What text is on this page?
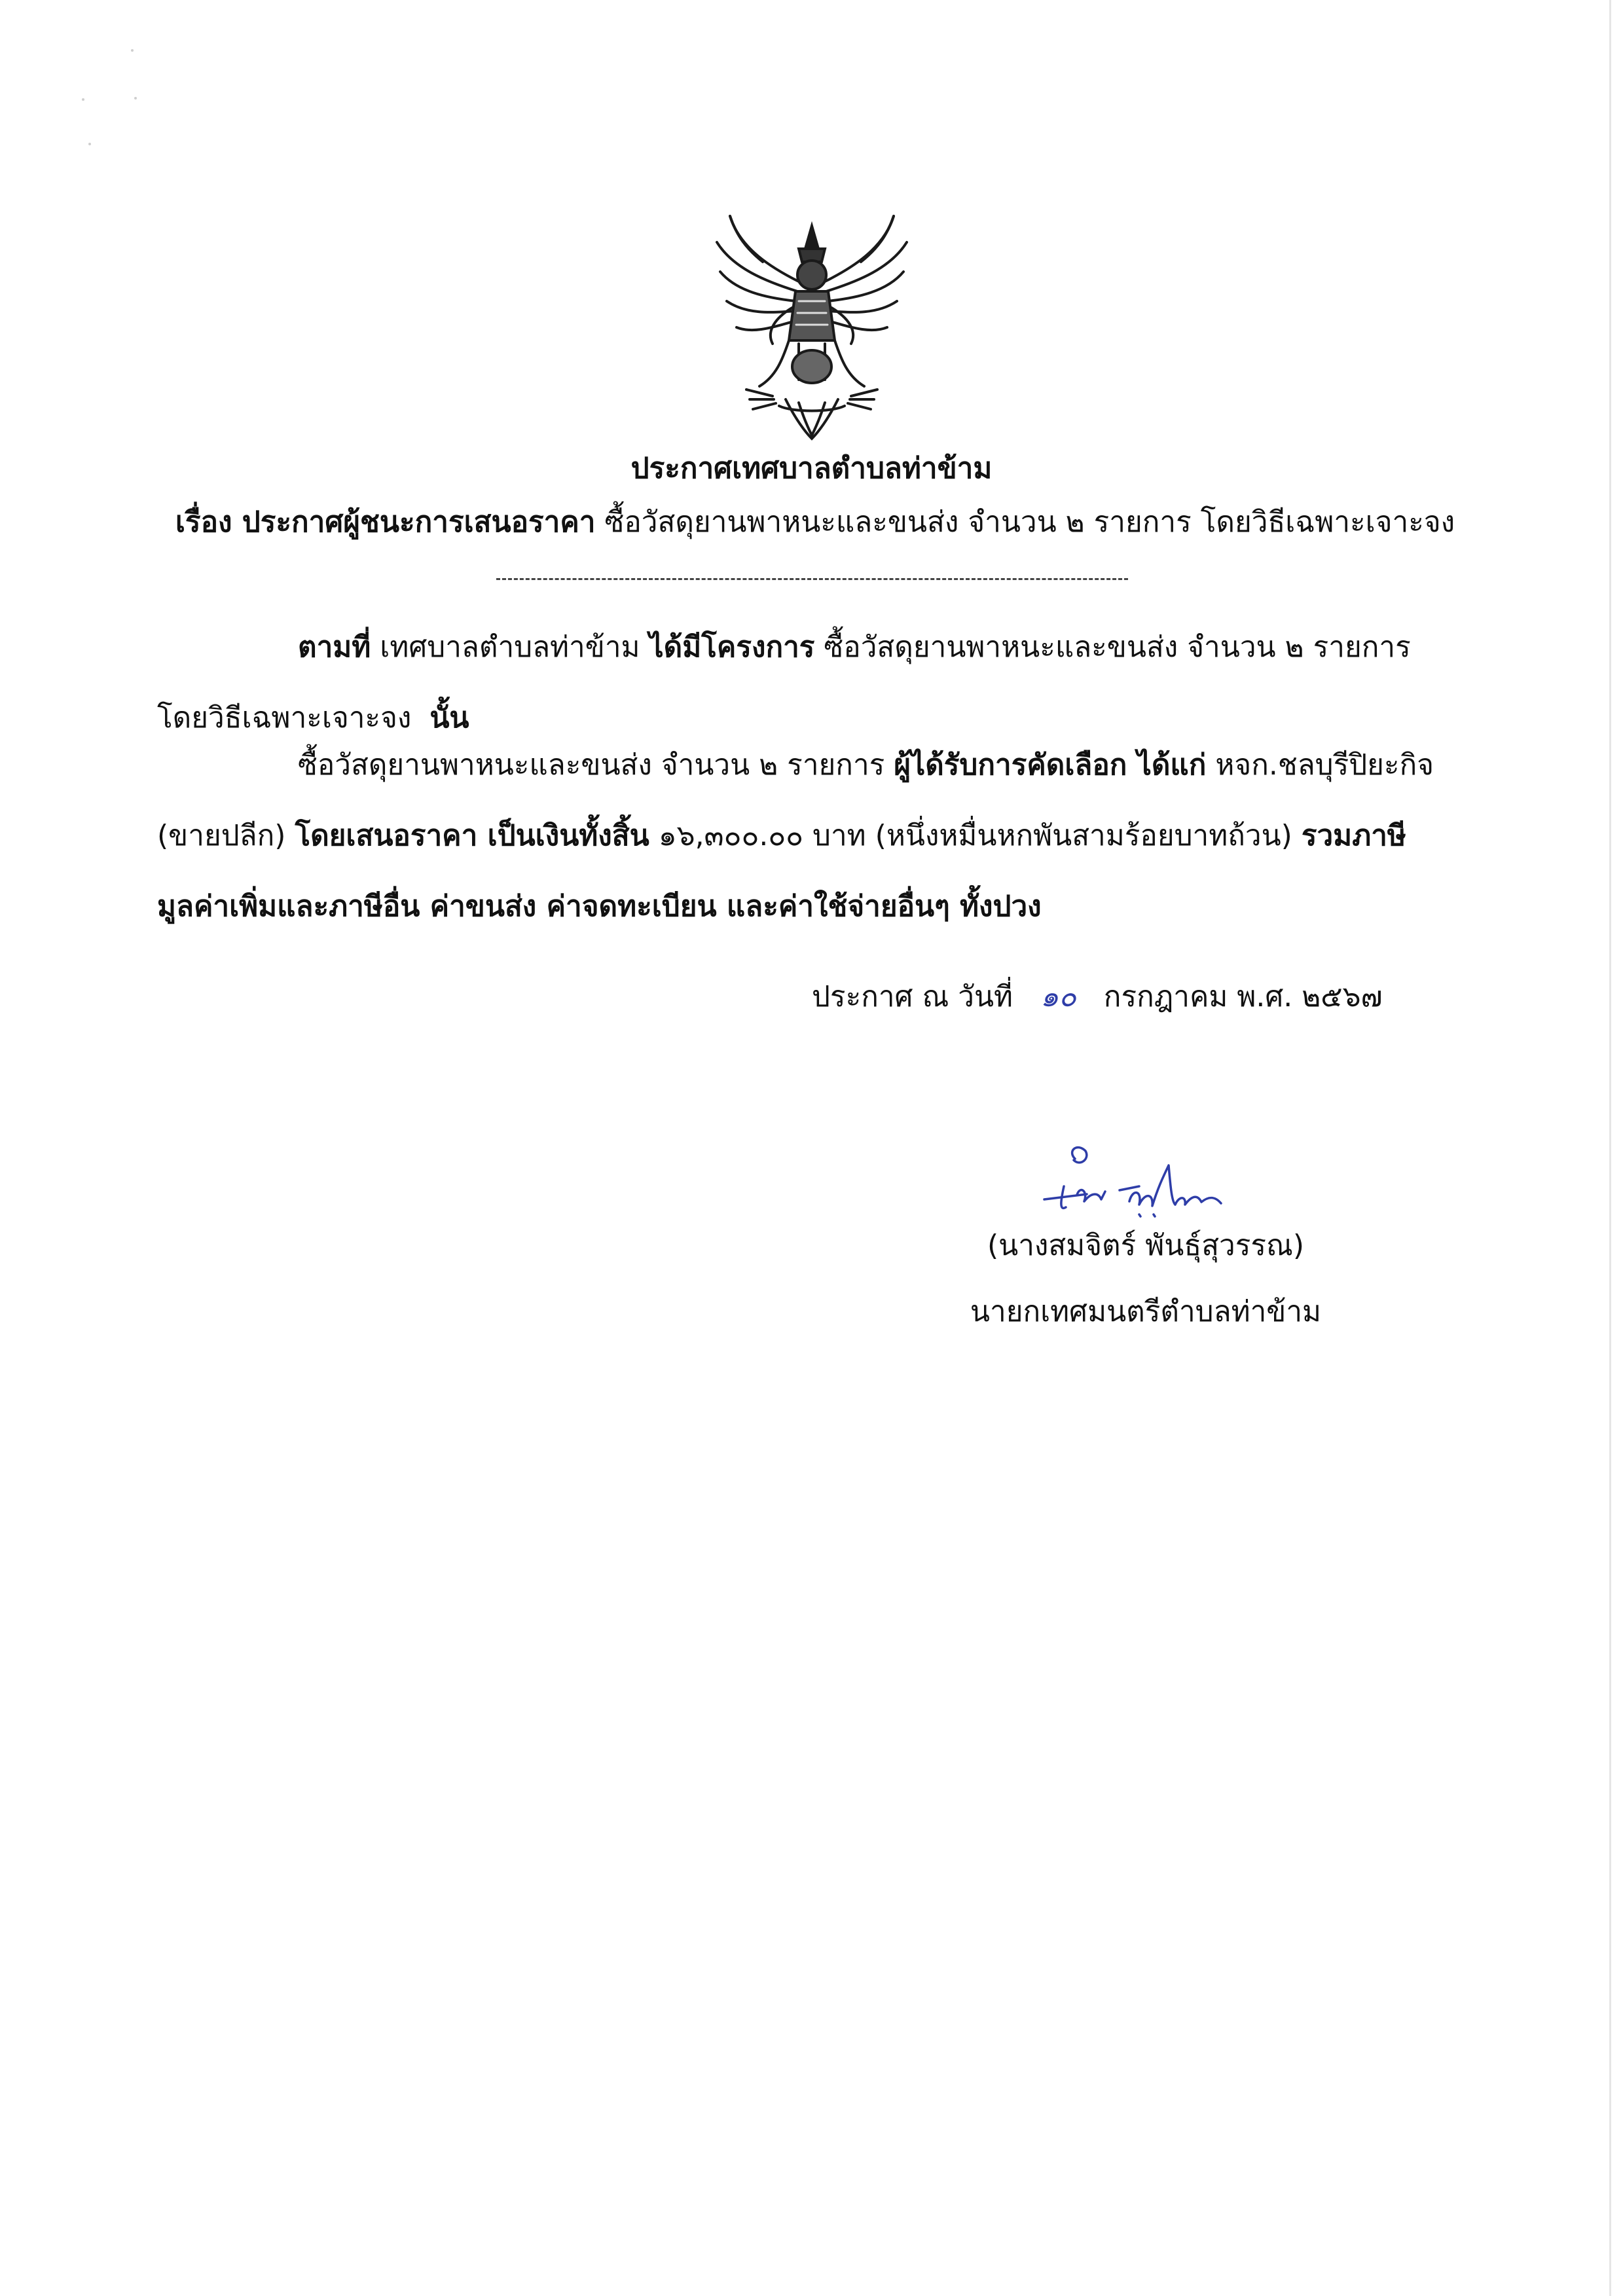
ประกาศเทศบาลตำบลท่าข้าม
เรื่อง ประกาศผู้ชนะการเสนอราคา ซื้อวัสดุยานพาหนะและขนส่ง จำนวน ๒ รายการ โดยวิธีเฉพาะเจาะจง
ตามที่ เทศบาลตำบลท่าข้าม ได้มีโครงการ ซื้อวัสดุยานพาหนะและขนส่ง จำนวน ๒ รายการ โดยวิธีเฉพาะเจาะจง นั้น
ซื้อวัสดุยานพาหนะและขนส่ง จำนวน ๒ รายการ ผู้ได้รับการคัดเลือก ได้แก่ หจก.ชลบุรีปิยะกิจ (ขายปลีก) โดยเสนอราคา เป็นเงินทั้งสิ้น ๑๖,๓๐๐.๐๐ บาท (หนึ่งหมื่นหกพันสามร้อยบาทถ้วน) รวมภาษีมูลค่าเพิ่มและภาษีอื่น ค่าขนส่ง ค่าจดทะเบียน และค่าใช้จ่ายอื่นๆ ทั้งปวง
ประกาศ ณ วันที่ ๑๐ กรกฎาคม พ.ศ. ๒๕๖๗
(นางสมจิตร์ พันธุ์สุวรรณ)
นายกเทศมนตรีตำบลท่าข้าม
